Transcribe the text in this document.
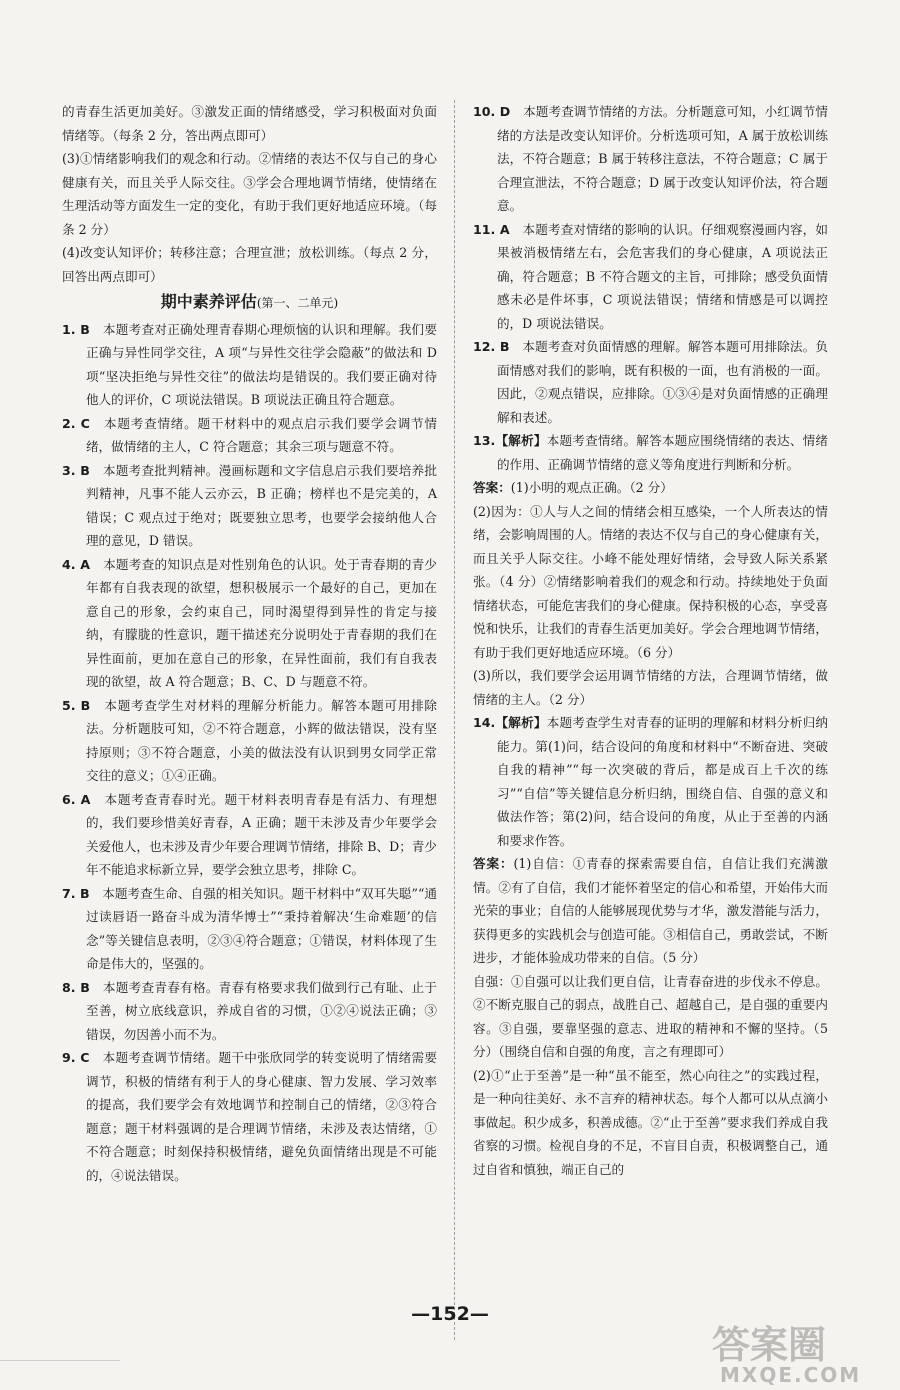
的青春生活更加美好。③激发正面的情绪感受，学习积极面对负面情绪等。（每条 2 分，答出两点即可）

(3)①情绪影响我们的观念和行动。②情绪的表达不仅与自己的身心健康有关，而且关乎人际交往。③学会合理地调节情绪，使情绪在生理活动等方面发生一定的变化，有助于我们更好地适应环境。（每条 2 分）

(4)改变认知评价；转移注意；合理宣泄；放松训练。（每点 2 分，回答出两点即可）

期中素养评估(第一、二单元)

1. B　 本题考查对正确处理青春期心理烦恼的认识和理解。我们要正确与异性同学交往，A 项“与异性交往学会隐蔽”的做法和 D 项“坚决拒绝与异性交往”的做法均是错误的。我们要正确对待他人的评价，C 项说法错误。B 项说法正确且符合题意。

2. C　 本题考查情绪。题干材料中的观点启示我们要学会调节情绪，做情绪的主人，C 符合题意；其余三项与题意不符。

3. B　 本题考查批判精神。漫画标题和文字信息启示我们要培养批判精神，凡事不能人云亦云，B 正确；榜样也不是完美的，A 错误；C 观点过于绝对；既要独立思考，也要学会接纳他人合理的意见，D 错误。

4. A　 本题考查的知识点是对性别角色的认识。处于青春期的青少年都有自我表现的欲望，想积极展示一个最好的自己，更加在意自己的形象，会约束自己，同时渴望得到异性的肯定与接纳，有朦胧的性意识，题干描述充分说明处于青春期的我们在异性面前，更加在意自己的形象，在异性面前，我们有自我表现的欲望，故 A 符合题意；B、C、D 与题意不符。

5. B　 本题考查学生对材料的理解分析能力。解答本题可用排除法。分析题肢可知，②不符合题意，小辉的做法错误，没有坚持原则；③不符合题意，小美的做法没有认识到男女同学正常交往的意义；①④正确。

6. A　 本题考查青春时光。题干材料表明青春是有活力、有理想的，我们要珍惜美好青春，A 正确；题干未涉及青少年要学会关爱他人，也未涉及青少年要合理调节情绪，排除 B、D；青少年不能追求标新立异，要学会独立思考，排除 C。

7. B　 本题考查生命、自强的相关知识。题干材料中“双耳失聪”“通过读唇语一路奋斗成为清华博士”“秉持着解决‘生命难题’的信念”等关键信息表明，②③④符合题意；①错误，材料体现了生命是伟大的，坚强的。

8. B　 本题考查青春有格。青春有格要求我们做到行己有耻、止于至善，树立底线意识，养成自省的习惯，①②④说法正确；③错误，勿因善小而不为。

9. C　 本题考查调节情绪。题干中张欣同学的转变说明了情绪需要调节，积极的情绪有利于人的身心健康、智力发展、学习效率的提高，我们要学会有效地调节和控制自己的情绪，②③符合题意；题干材料强调的是合理调节情绪，未涉及表达情绪，①不符合题意；时刻保持积极情绪，避免负面情绪出现是不可能的，④说法错误。

10. D　 本题考查调节情绪的方法。分析题意可知，小红调节情绪的方法是改变认知评价。分析选项可知，A 属于放松训练法，不符合题意；B 属于转移注意法，不符合题意；C 属于合理宣泄法，不符合题意；D 属于改变认知评价法，符合题意。

11. A　 本题考查对情绪的影响的认识。仔细观察漫画内容，如果被消极情绪左右，会危害我们的身心健康，A 项说法正确，符合题意；B 不符合题文的主旨，可排除；感受负面情感未必是件坏事，C 项说法错误；情绪和情感是可以调控的，D 项说法错误。

12. B　 本题考查对负面情感的理解。解答本题可用排除法。负面情感对我们的影响，既有积极的一面，也有消极的一面。因此，②观点错误，应排除。①③④是对负面情感的正确理解和表述。

13.【解析】本题考查情绪。解答本题应围绕情绪的表达、情绪的作用、正确调节情绪的意义等角度进行判断和分析。

答案：(1)小明的观点正确。（2 分）

(2)因为：①人与人之间的情绪会相互感染，一个人所表达的情绪，会影响周围的人。情绪的表达不仅与自己的身心健康有关，而且关乎人际交往。小峰不能处理好情绪，会导致人际关系紧张。（4 分）②情绪影响着我们的观念和行动。持续地处于负面情绪状态，可能危害我们的身心健康。保持积极的心态，享受喜悦和快乐，让我们的青春生活更加美好。学会合理地调节情绪，有助于我们更好地适应环境。（6 分）

(3)所以，我们要学会运用调节情绪的方法，合理调节情绪，做情绪的主人。（2 分）

14.【解析】本题考查学生对青春的证明的理解和材料分析归纳能力。第(1)问，结合设问的角度和材料中“不断奋进、突破自我的精神”“每一次突破的背后，都是成百上千次的练习”“自信”等关键信息分析归纳，围绕自信、自强的意义和做法作答；第(2)问，结合设问的角度，从止于至善的内涵和要求作答。

答案：(1)自信：①青春的探索需要自信，自信让我们充满激情。②有了自信，我们才能怀着坚定的信心和希望，开始伟大而光荣的事业；自信的人能够展现优势与才华，激发潜能与活力，获得更多的实践机会与创造可能。③相信自己，勇敢尝试，不断进步，才能体验成功带来的自信。（5 分）

自强：①自强可以让我们更自信，让青春奋进的步伐永不停息。②不断克服自己的弱点，战胜自己、超越自己，是自强的重要内容。③自强，要靠坚强的意志、进取的精神和不懈的坚持。（5 分）（围绕自信和自强的角度，言之有理即可）

(2)①“止于至善”是一种“虽不能至，然心向往之”的实践过程，是一种向往美好、永不言弃的精神状态。每个人都可以从点滴小事做起。积少成多，积善成德。②“止于至善”要求我们养成自我省察的习惯。检视自身的不足，不盲目自责，积极调整自己，通过自省和慎独，端正自己的

—152—
答案圈
MXQE.COM
